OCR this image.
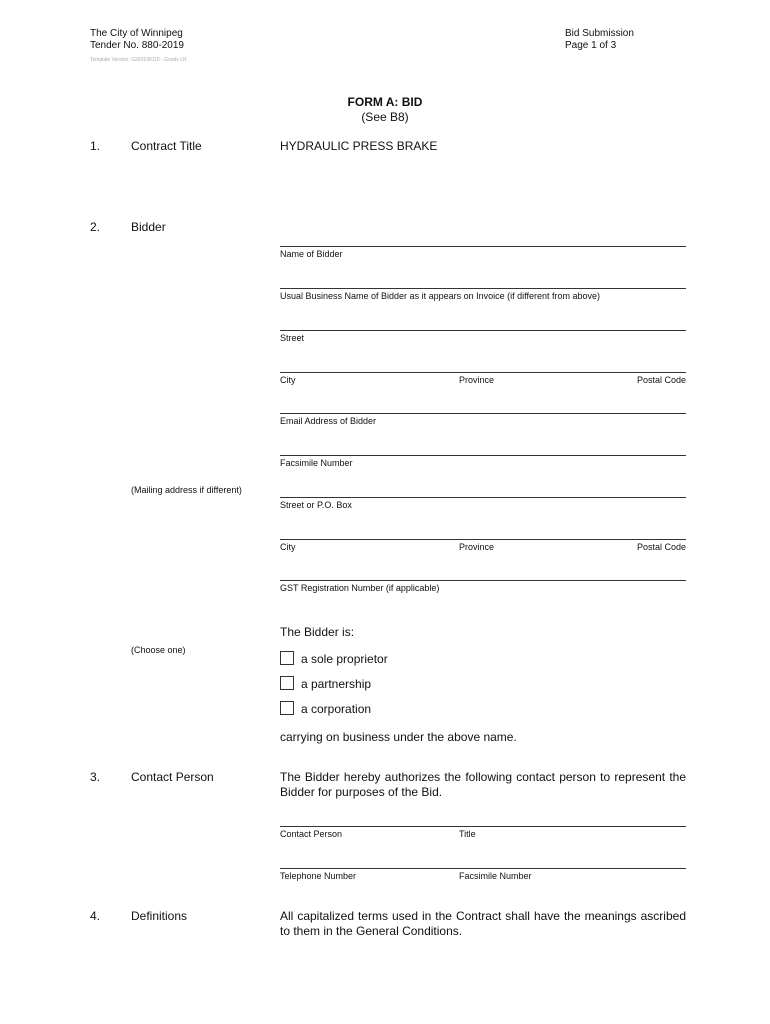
The City of Winnipeg
Tender No. 880-2019
Bid Submission
Page 1 of 3
Template Version: G320190115 - Goods LR
FORM A: BID
(See B8)
1.	Contract Title	HYDRAULIC PRESS BRAKE
2.	Bidder
Name of Bidder
Usual Business Name of Bidder as it appears on Invoice (if different from above)
Street
City	Province	Postal Code
Email Address of Bidder
Facsimile Number
(Mailing address if different)
Street or P.O. Box
City	Province	Postal Code
GST Registration Number (if applicable)
The Bidder is:
(Choose one)
a sole proprietor
a partnership
a corporation
carrying on business under the above name.
3.	Contact Person	The Bidder hereby authorizes the following contact person to represent the Bidder for purposes of the Bid.
Contact Person	Title
Telephone Number	Facsimile Number
4.	Definitions	All capitalized terms used in the Contract shall have the meanings ascribed to them in the General Conditions.
